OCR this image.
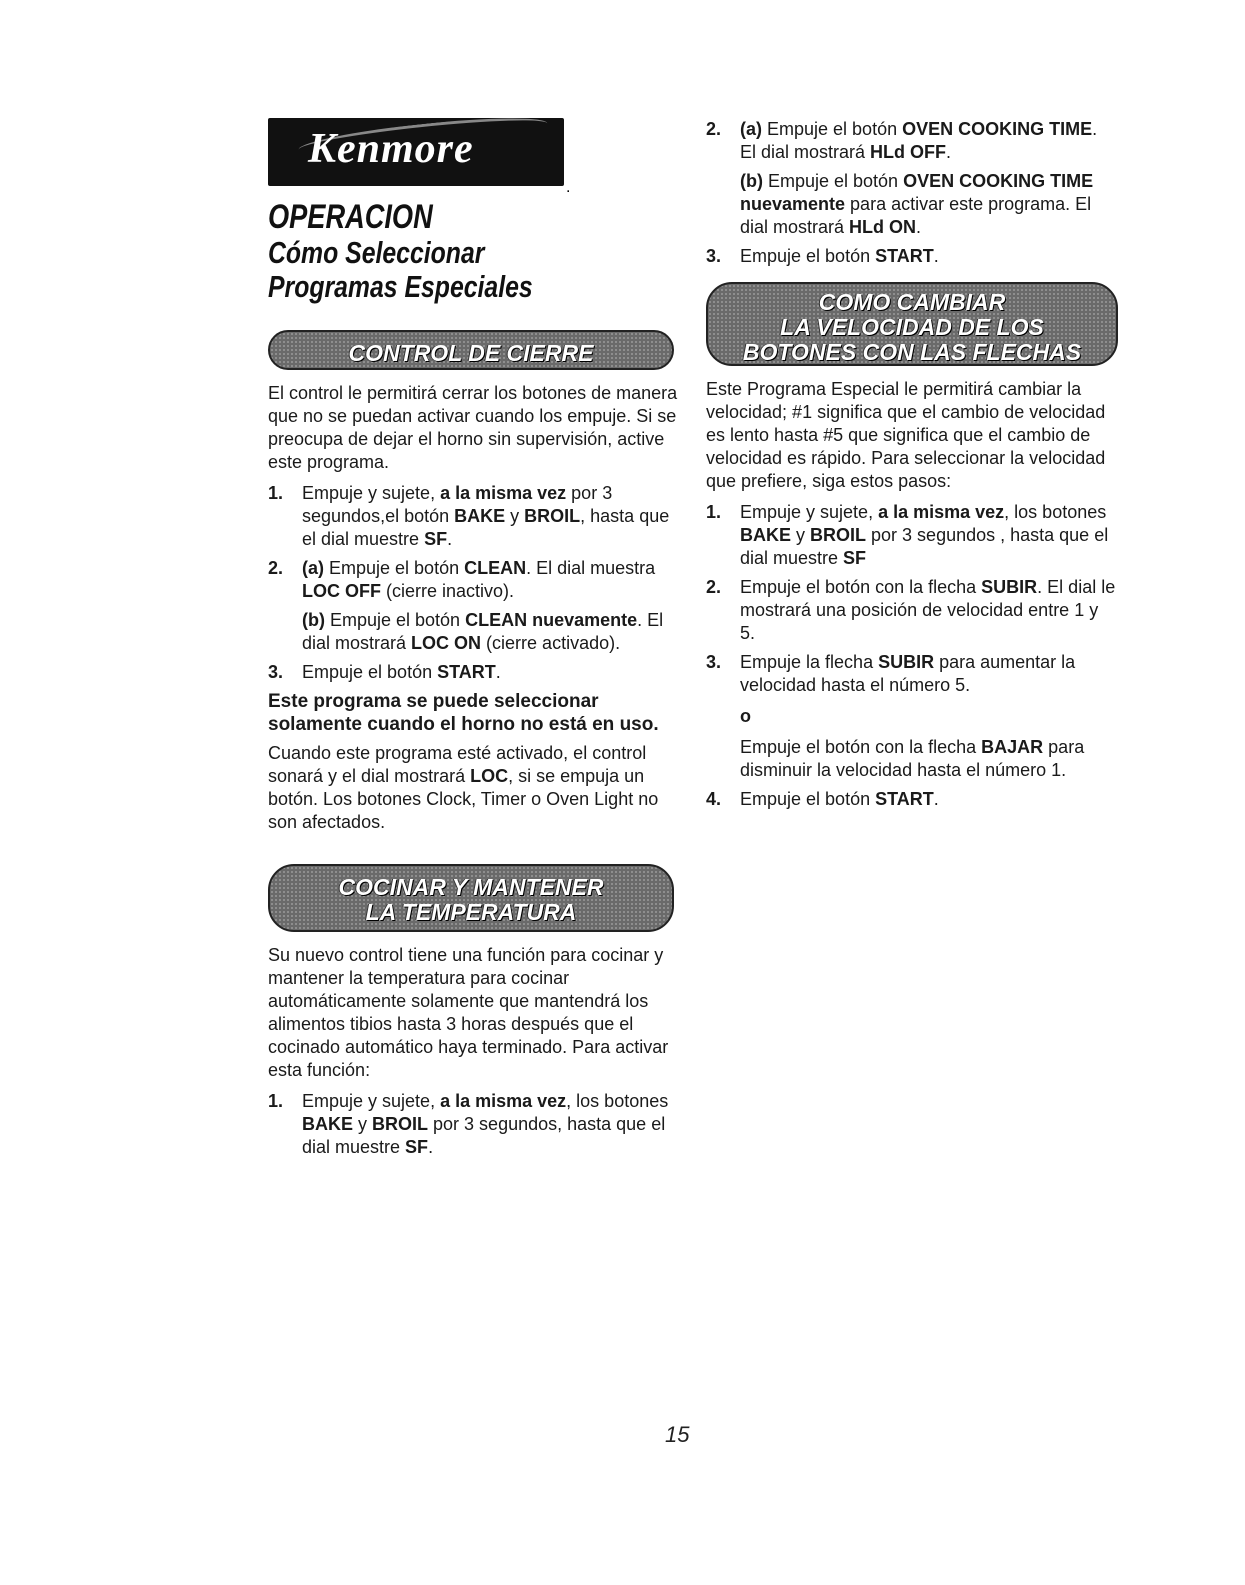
Kenmore
.
OPERACION
Cómo Seleccionar
Programas Especiales
CONTROL DE CIERRE

El control le permitirá cerrar los botones de manera que no se puedan activar cuando los empuje. Si se preocupa de dejar el horno sin supervisión, active este programa.

1. Empuje y sujete, a la misma vez por 3 segundos,el botón BAKE y BROIL, hasta que el dial muestre SF.
2. (a) Empuje el botón CLEAN. El dial muestra LOC OFF (cierre inactivo).
(b) Empuje el botón CLEAN nuevamente. El dial mostrará LOC ON (cierre activado).
3. Empuje el botón START.
Este programa se puede seleccionar solamente cuando el horno no está en uso.

Cuando este programa esté activado, el control sonará y el dial mostrará LOC, si se empuja un botón. Los botones Clock, Timer o Oven Light no son afectados.

COCINAR Y MANTENER
LA TEMPERATURA

Su nuevo control tiene una función para cocinar y mantener la temperatura para cocinar automáticamente solamente que mantendrá los alimentos tibios hasta 3 horas después que el cocinado automático haya terminado. Para activar esta función:

1. Empuje y sujete, a la misma vez, los botones BAKE y BROIL por 3 segundos, hasta que el dial muestre SF.
2. (a) Empuje el botón OVEN COOKING TIME. El dial mostrará HLd OFF.
(b) Empuje el botón OVEN COOKING TIME nuevamente para activar este programa. El dial mostrará HLd ON.
3. Empuje el botón START.
COMO CAMBIAR
LA VELOCIDAD DE LOS
BOTONES CON LAS FLECHAS

Este Programa Especial le permitirá cambiar la velocidad; #1 significa que el cambio de velocidad es lento hasta #5 que significa que el cambio de velocidad es rápido. Para seleccionar la velocidad que prefiere, siga estos pasos:

1. Empuje y sujete, a la misma vez, los botones BAKE y BROIL por 3 segundos , hasta que el dial muestre SF
2. Empuje el botón con la flecha SUBIR. El dial le mostrará una posición de velocidad entre 1 y 5.
3. Empuje la flecha SUBIR para aumentar la velocidad hasta el número 5.
o
Empuje el botón con la flecha BAJAR para disminuir la velocidad hasta el número 1.
4. Empuje el botón START.
15
